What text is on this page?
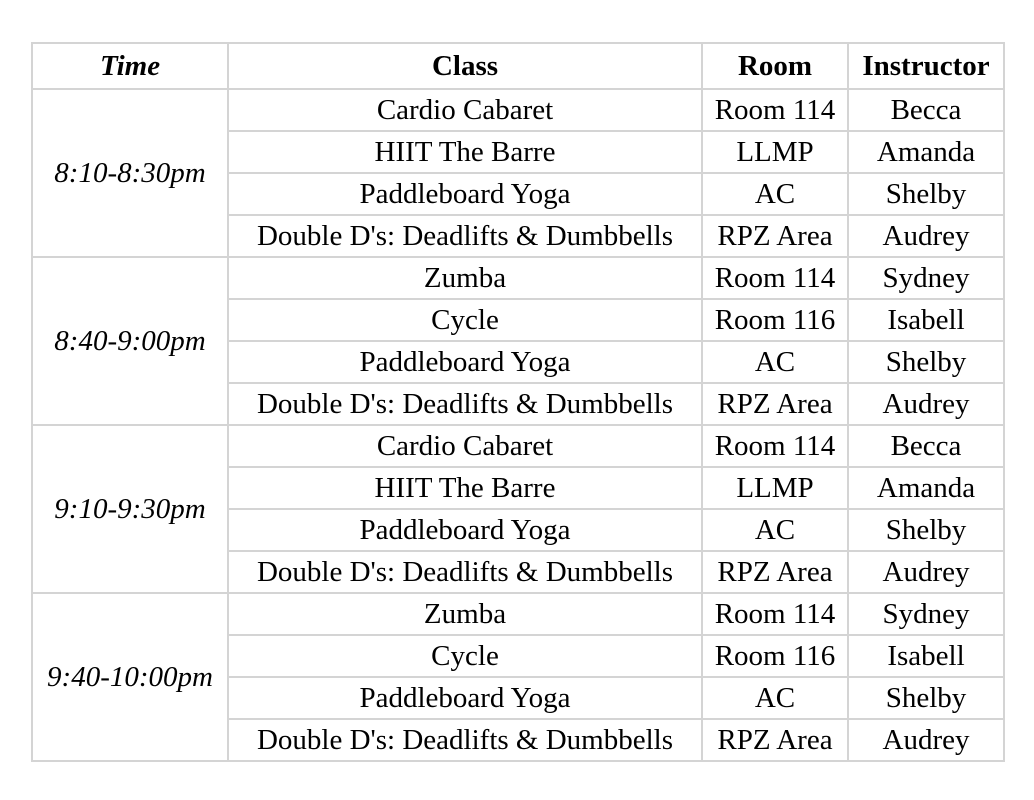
Time	Class	Room	Instructor
8:10-8:30pm	Cardio Cabaret	Room 114	Becca
	HIIT The Barre	LLMP	Amanda
	Paddleboard Yoga	AC	Shelby
	Double D's: Deadlifts & Dumbbells	RPZ Area	Audrey
8:40-9:00pm	Zumba	Room 114	Sydney
	Cycle	Room 116	Isabell
	Paddleboard Yoga	AC	Shelby
	Double D's: Deadlifts & Dumbbells	RPZ Area	Audrey
9:10-9:30pm	Cardio Cabaret	Room 114	Becca
	HIIT The Barre	LLMP	Amanda
	Paddleboard Yoga	AC	Shelby
	Double D's: Deadlifts & Dumbbells	RPZ Area	Audrey
9:40-10:00pm	Zumba	Room 114	Sydney
	Cycle	Room 116	Isabell
	Paddleboard Yoga	AC	Shelby
	Double D's: Deadlifts & Dumbbells	RPZ Area	Audrey
